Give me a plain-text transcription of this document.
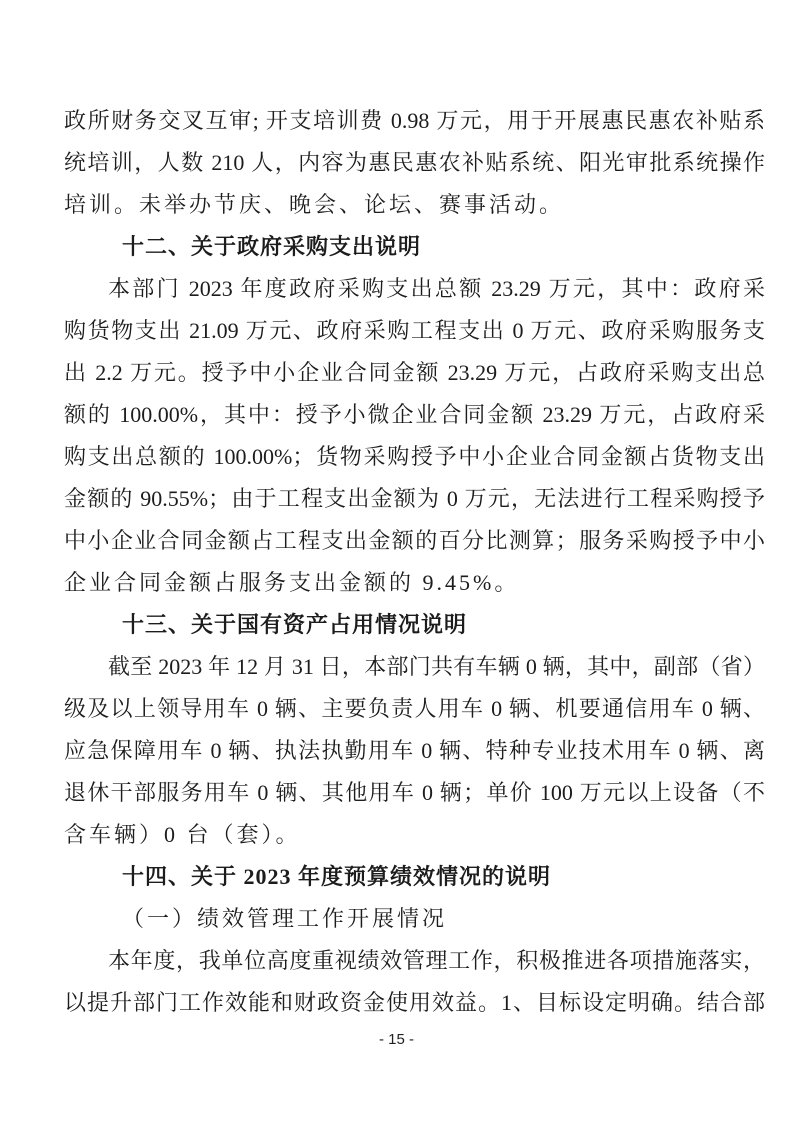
政所财务交叉互审; 开支培训费 0.98 万元，用于开展惠民惠农补贴系
统培训，人数 210 人，内容为惠民惠农补贴系统、阳光审批系统操作
培训。未举办节庆、晚会、论坛、赛事活动。
十二、关于政府采购支出说明
本部门 2023 年度政府采购支出总额 23.29 万元，其中：政府采
购货物支出 21.09 万元、政府采购工程支出 0 万元、政府采购服务支
出 2.2 万元。授予中小企业合同金额 23.29 万元，占政府采购支出总
额的 100.00%，其中：授予小微企业合同金额 23.29 万元，占政府采
购支出总额的 100.00%；货物采购授予中小企业合同金额占货物支出
金额的 90.55%；由于工程支出金额为 0 万元，无法进行工程采购授予
中小企业合同金额占工程支出金额的百分比测算；服务采购授予中小
企业合同金额占服务支出金额的 9.45%。
十三、关于国有资产占用情况说明
截至 2023 年 12 月 31 日，本部门共有车辆 0 辆，其中，副部（省）
级及以上领导用车 0 辆、主要负责人用车 0 辆、机要通信用车 0 辆、
应急保障用车 0 辆、执法执勤用车 0 辆、特种专业技术用车 0 辆、离
退休干部服务用车 0 辆、其他用车 0 辆；单价 100 万元以上设备（不
含车辆）0 台（套）。
十四、关于 2023 年度预算绩效情况的说明
（一）绩效管理工作开展情况
本年度，我单位高度重视绩效管理工作，积极推进各项措施落实，
以提升部门工作效能和财政资金使用效益。1、目标设定明确。结合部
- 15 -
